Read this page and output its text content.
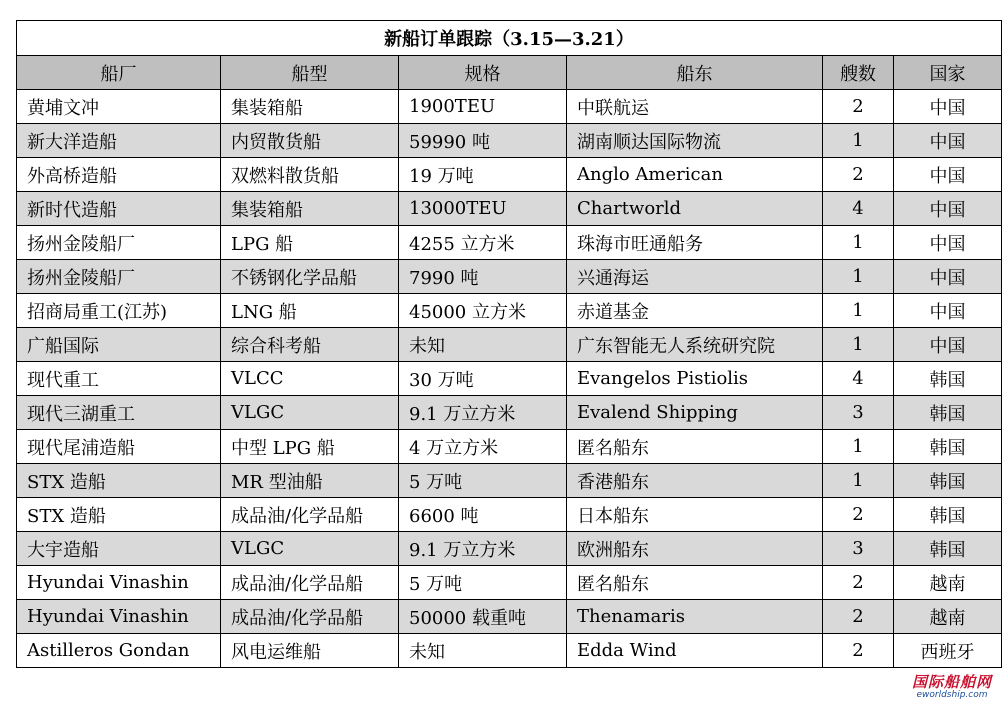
新船订单跟踪（3.15—3.21）					
船厂	船型	规格	船东	艘数	国家
黄埔文冲	集装箱船	1900TEU	中联航运	2	中国
新大洋造船	内贸散货船	59990 吨	湖南顺达国际物流	1	中国
外高桥造船	双燃料散货船	19 万吨	Anglo American	2	中国
新时代造船	集装箱船	13000TEU	Chartworld	4	中国
扬州金陵船厂	LPG 船	4255 立方米	珠海市旺通船务	1	中国
扬州金陵船厂	不锈钢化学品船	7990 吨	兴通海运	1	中国
招商局重工(江苏)	LNG 船	45000 立方米	赤道基金	1	中国
广船国际	综合科考船	未知	广东智能无人系统研究院	1	中国
现代重工	VLCC	30 万吨	Evangelos Pistiolis	4	韩国
现代三湖重工	VLGC	9.1 万立方米	Evalend Shipping	3	韩国
现代尾浦造船	中型 LPG 船	4 万立方米	匿名船东	1	韩国
STX 造船	MR 型油船	5 万吨	香港船东	1	韩国
STX 造船	成品油/化学品船	6600 吨	日本船东	2	韩国
大宇造船	VLGC	9.1 万立方米	欧洲船东	3	韩国
Hyundai Vinashin	成品油/化学品船	5 万吨	匿名船东	2	越南
Hyundai Vinashin	成品油/化学品船	50000 载重吨	Thenamaris	2	越南
Astilleros Gondan	风电运维船	未知	Edda Wind	2	西班牙
国际船舶网
eworldship.com
